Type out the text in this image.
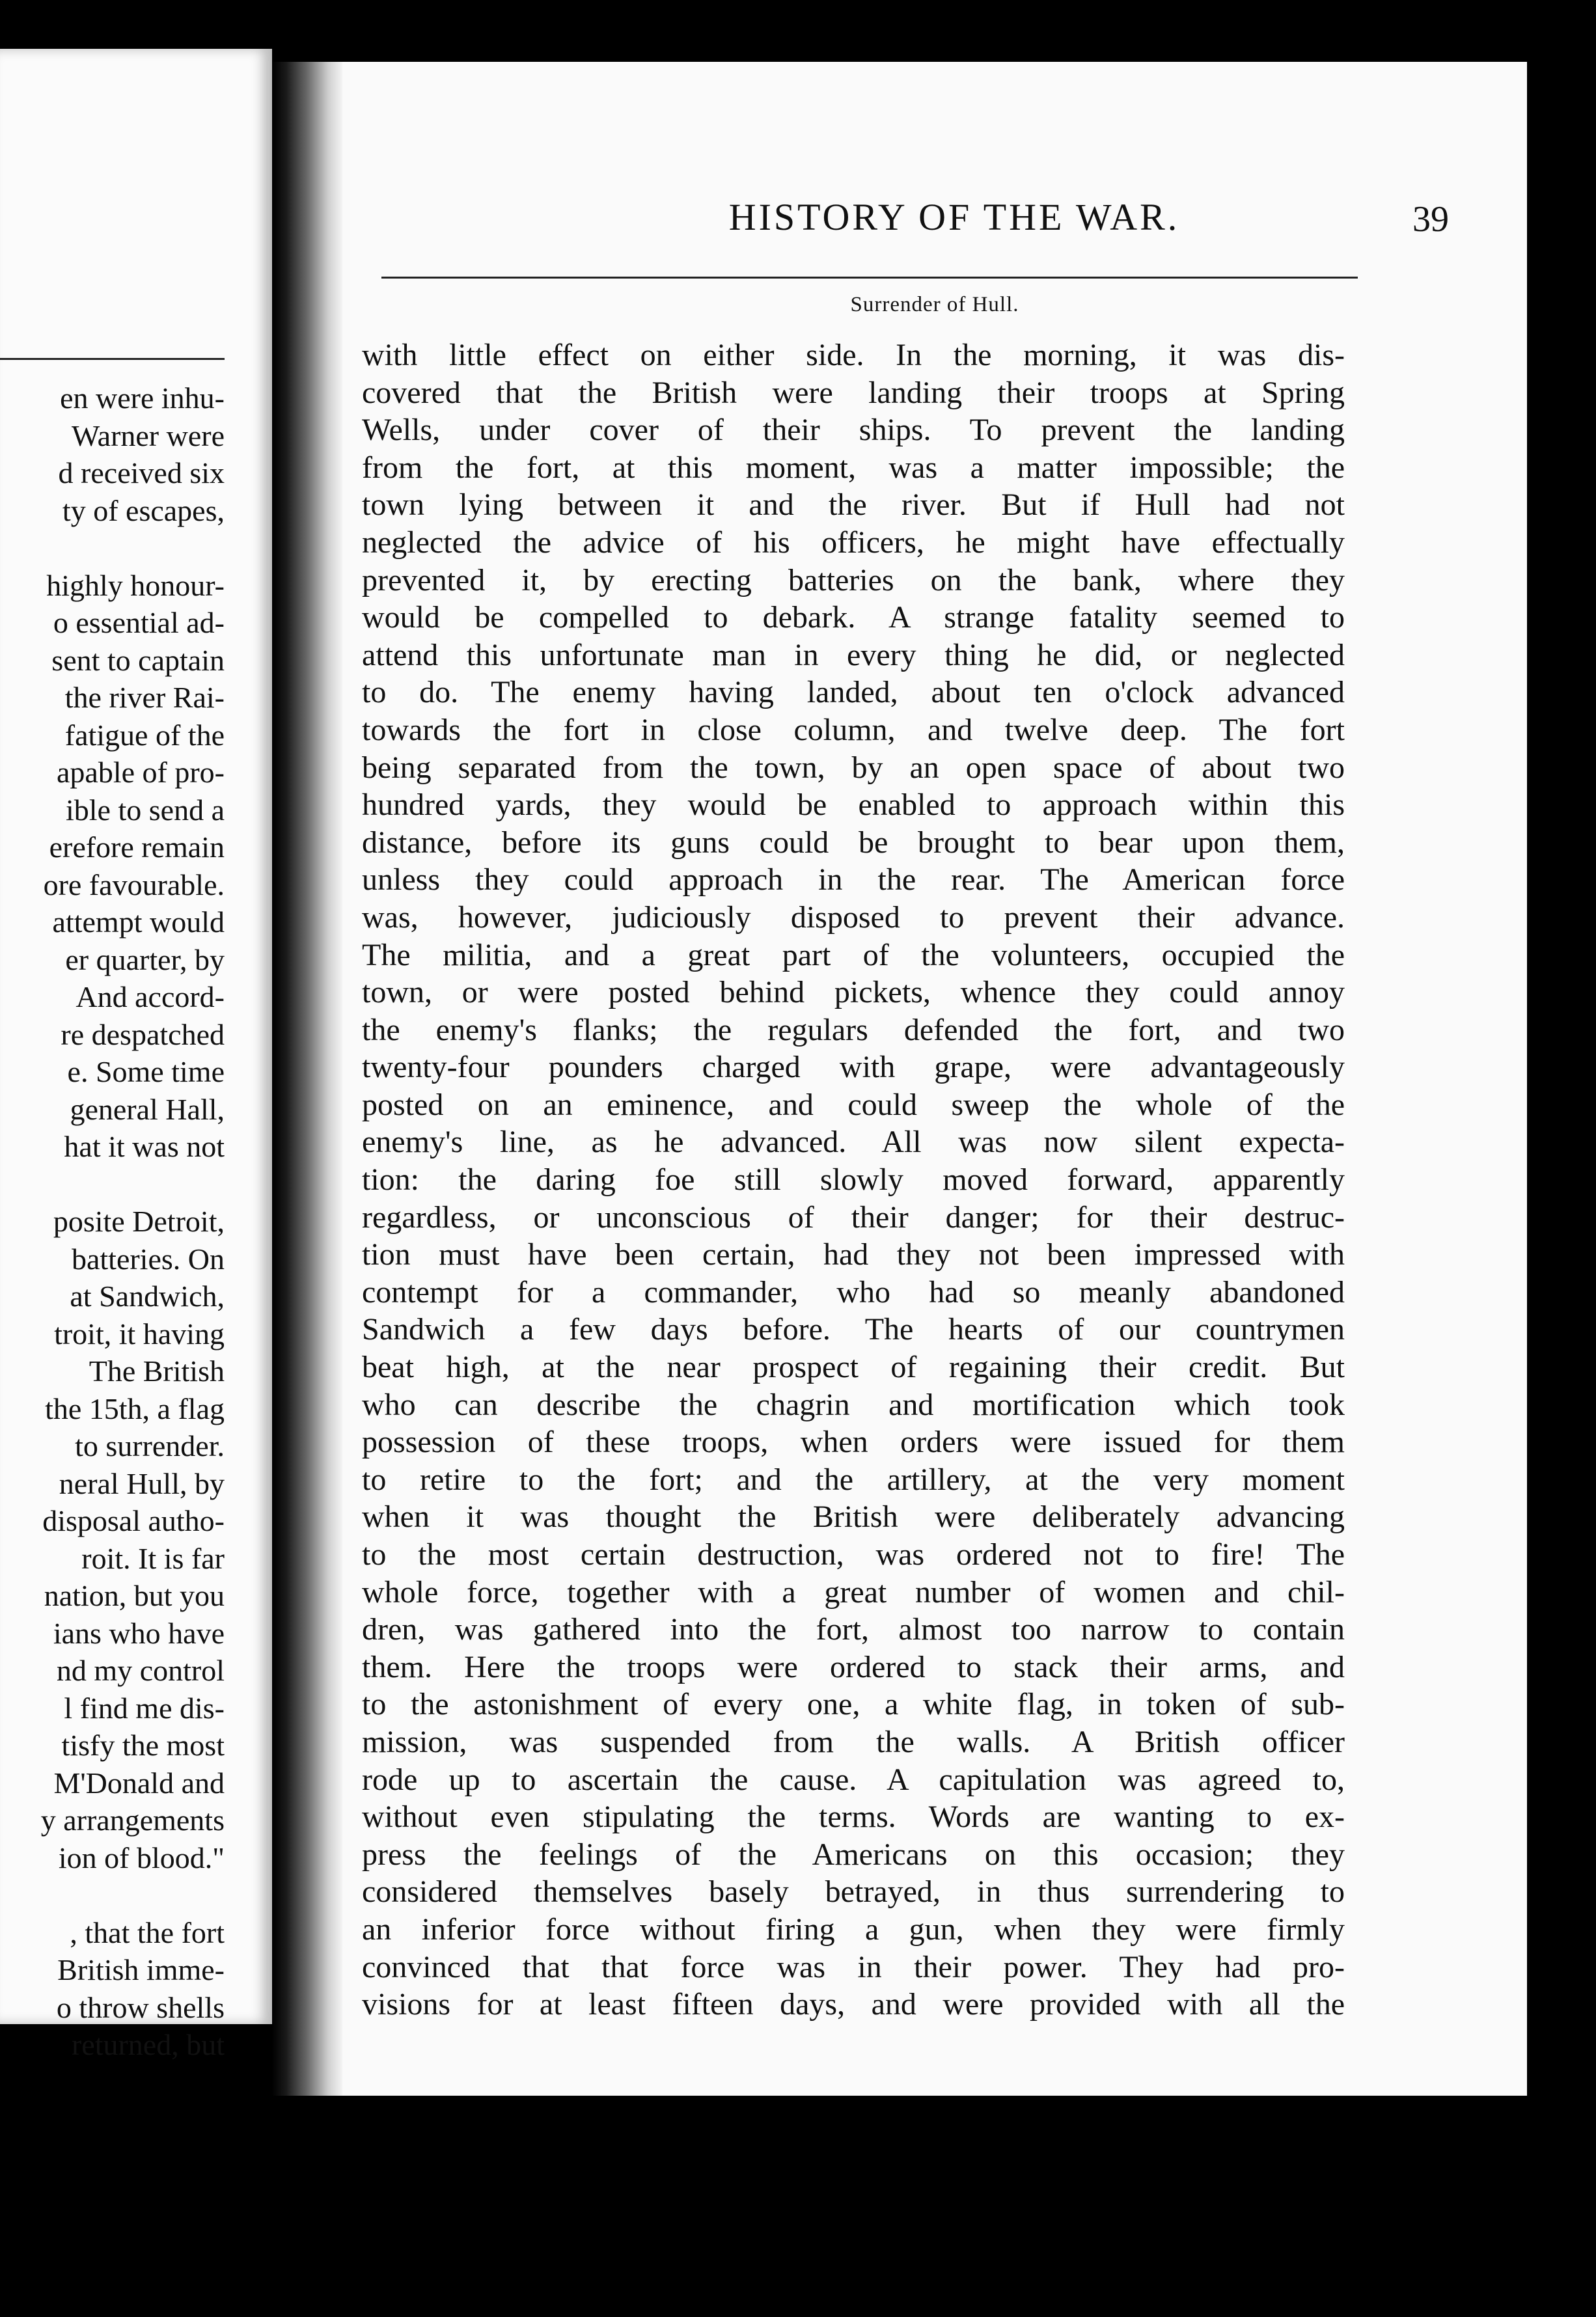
en were inhu-
Warner were
d received six
ty of escapes,
highly honour-
o essential ad-
sent to captain
the river Rai-
fatigue of the
apable of pro-
ible to send a
erefore remain
ore favourable.
attempt would
er quarter, by
And accord-
re despatched
e. Some time
general Hall,
hat it was not
posite Detroit,
batteries. On
at Sandwich,
troit, it having
The British
the 15th, a flag
to surrender.
neral Hull, by
disposal autho-
roit. It is far
nation, but you
ians who have
nd my control
l find me dis-
tisfy the most
M'Donald and
y arrangements
ion of blood."
, that the fort
British imme-
o throw shells
returned, but
HISTORY OF THE WAR.	39
Surrender of Hull.
with little effect on either side. In the morning, it was dis-
covered that the British were landing their troops at Spring
Wells, under cover of their ships. To prevent the landing
from the fort, at this moment, was a matter impossible; the
town lying between it and the river. But if Hull had not
neglected the advice of his officers, he might have effectually
prevented it, by erecting batteries on the bank, where they
would be compelled to debark. A strange fatality seemed to
attend this unfortunate man in every thing he did, or neglected
to do. The enemy having landed, about ten o'clock advanced
towards the fort in close column, and twelve deep. The fort
being separated from the town, by an open space of about two
hundred yards, they would be enabled to approach within this
distance, before its guns could be brought to bear upon them,
unless they could approach in the rear. The American force
was, however, judiciously disposed to prevent their advance.
The militia, and a great part of the volunteers, occupied the
town, or were posted behind pickets, whence they could annoy
the enemy's flanks; the regulars defended the fort, and two
twenty-four pounders charged with grape, were advantageously
posted on an eminence, and could sweep the whole of the
enemy's line, as he advanced. All was now silent expecta-
tion: the daring foe still slowly moved forward, apparently
regardless, or unconscious of their danger; for their destruc-
tion must have been certain, had they not been impressed with
contempt for a commander, who had so meanly abandoned
Sandwich a few days before. The hearts of our countrymen
beat high, at the near prospect of regaining their credit. But
who can describe the chagrin and mortification which took
possession of these troops, when orders were issued for them
to retire to the fort; and the artillery, at the very moment
when it was thought the British were deliberately advancing
to the most certain destruction, was ordered not to fire! The
whole force, together with a great number of women and chil-
dren, was gathered into the fort, almost too narrow to contain
them. Here the troops were ordered to stack their arms, and
to the astonishment of every one, a white flag, in token of sub-
mission, was suspended from the walls. A British officer
rode up to ascertain the cause. A capitulation was agreed to,
without even stipulating the terms. Words are wanting to ex-
press the feelings of the Americans on this occasion; they
considered themselves basely betrayed, in thus surrendering to
an inferior force without firing a gun, when they were firmly
convinced that that force was in their power. They had pro-
visions for at least fifteen days, and were provided with all the
